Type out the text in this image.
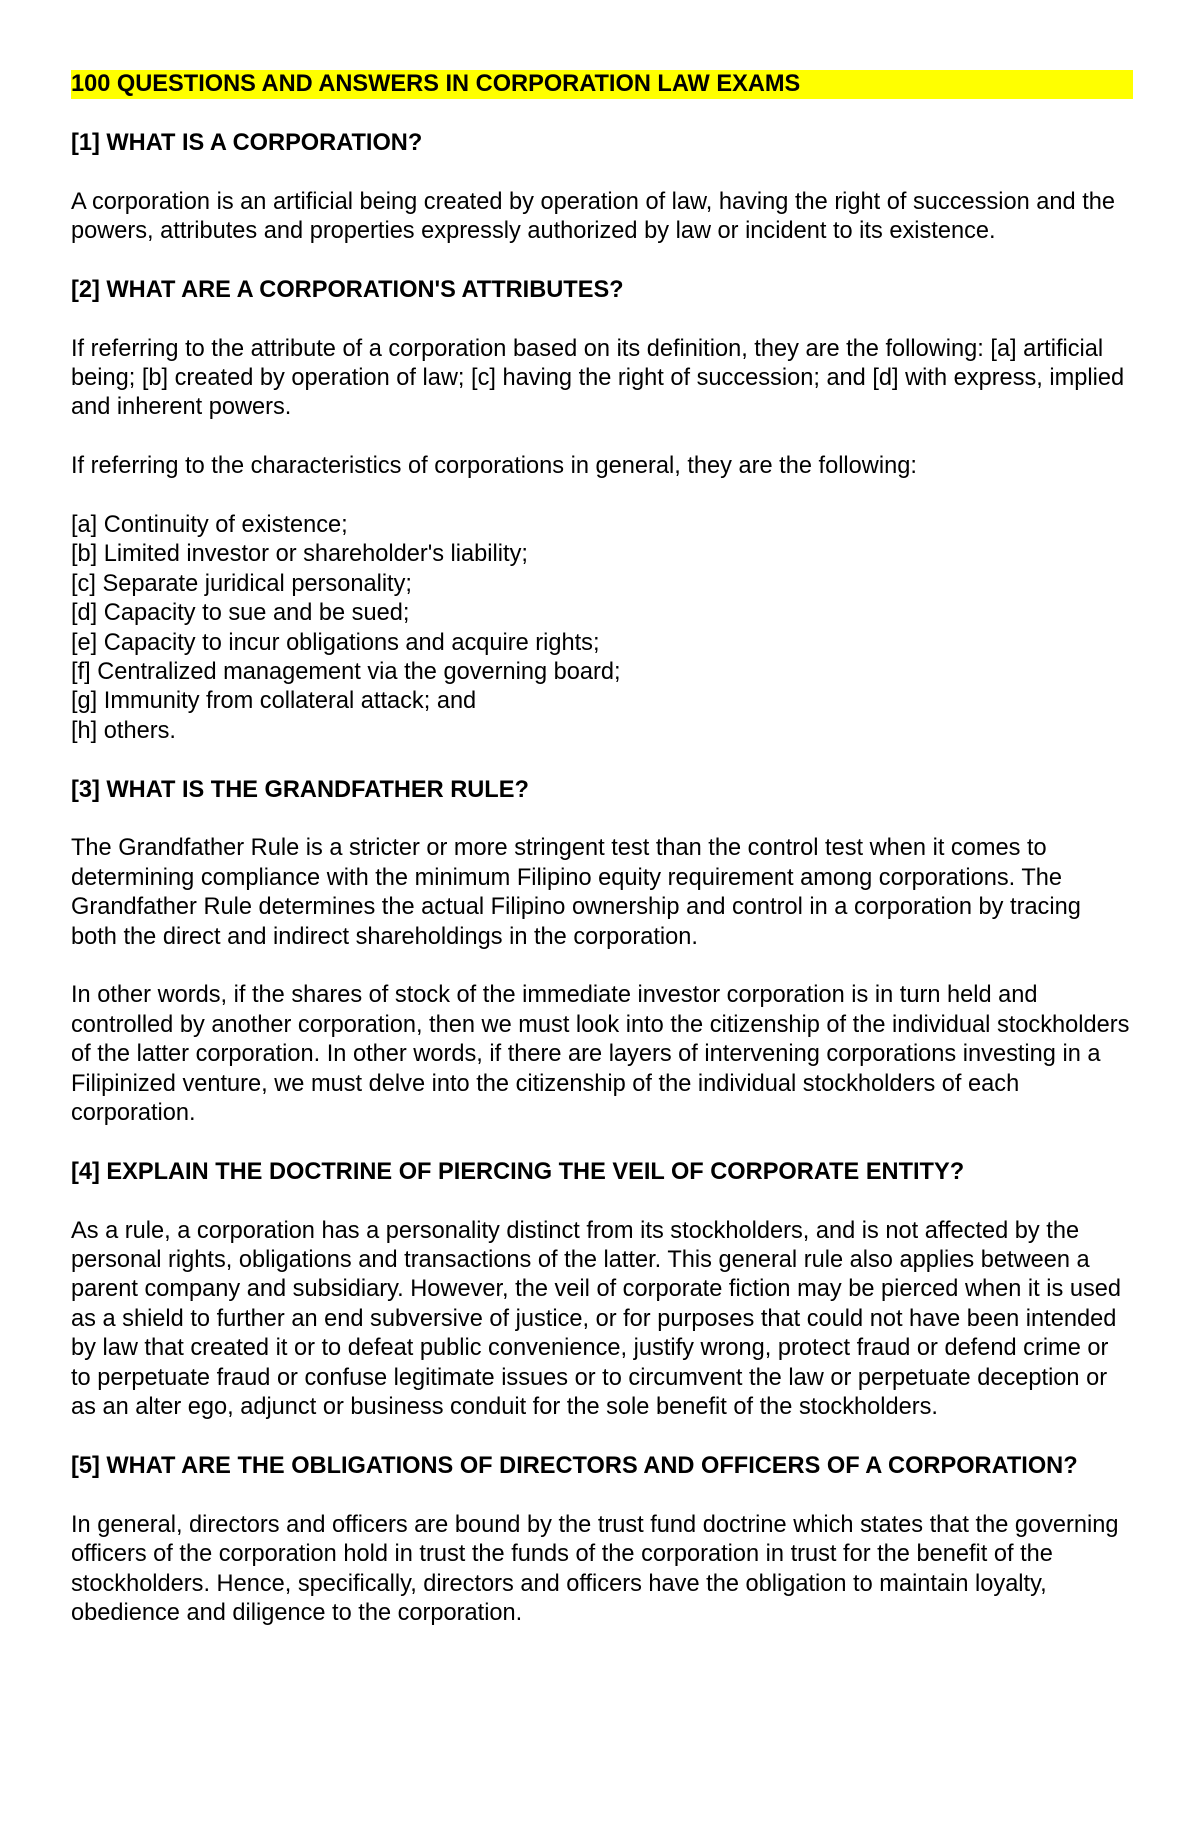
100 QUESTIONS AND ANSWERS IN CORPORATION LAW EXAMS
[1] WHAT IS A CORPORATION?
A corporation is an artificial being created by operation of law, having the right of succession and the powers, attributes and properties expressly authorized by law or incident to its existence.
[2] WHAT ARE A CORPORATION'S ATTRIBUTES?
If referring to the attribute of a corporation based on its definition, they are the following: [a] artificial being; [b] created by operation of law; [c] having the right of succession; and [d] with express, implied and inherent powers.
If referring to the characteristics of corporations in general, they are the following:
[a] Continuity of existence;
[b] Limited investor or shareholder's liability;
[c] Separate juridical personality;
[d] Capacity to sue and be sued;
[e] Capacity to incur obligations and acquire rights;
[f] Centralized management via the governing board;
[g] Immunity from collateral attack; and
[h] others.
[3] WHAT IS THE GRANDFATHER RULE?
The Grandfather Rule is a stricter or more stringent test than the control test when it comes to determining compliance with the minimum Filipino equity requirement among corporations. The Grandfather Rule determines the actual Filipino ownership and control in a corporation by tracing both the direct and indirect shareholdings in the corporation.
In other words, if the shares of stock of the immediate investor corporation is in turn held and controlled by another corporation, then we must look into the citizenship of the individual stockholders of the latter corporation. In other words, if there are layers of intervening corporations investing in a Filipinized venture, we must delve into the citizenship of the individual stockholders of each corporation.
[4] EXPLAIN THE DOCTRINE OF PIERCING THE VEIL OF CORPORATE ENTITY?
As a rule, a corporation has a personality distinct from its stockholders, and is not affected by the personal rights, obligations and transactions of the latter. This general rule also applies between a parent company and subsidiary. However, the veil of corporate fiction may be pierced when it is used as a shield to further an end subversive of justice, or for purposes that could not have been intended by law that created it or to defeat public convenience, justify wrong, protect fraud or defend crime or to perpetuate fraud or confuse legitimate issues or to circumvent the law or perpetuate deception or as an alter ego, adjunct or business conduit for the sole benefit of the stockholders.
[5] WHAT ARE THE OBLIGATIONS OF DIRECTORS AND OFFICERS OF A CORPORATION?
In general, directors and officers are bound by the trust fund doctrine which states that the governing officers of the corporation hold in trust the funds of the corporation in trust for the benefit of the stockholders. Hence, specifically, directors and officers have the obligation to maintain loyalty, obedience and diligence to the corporation.
